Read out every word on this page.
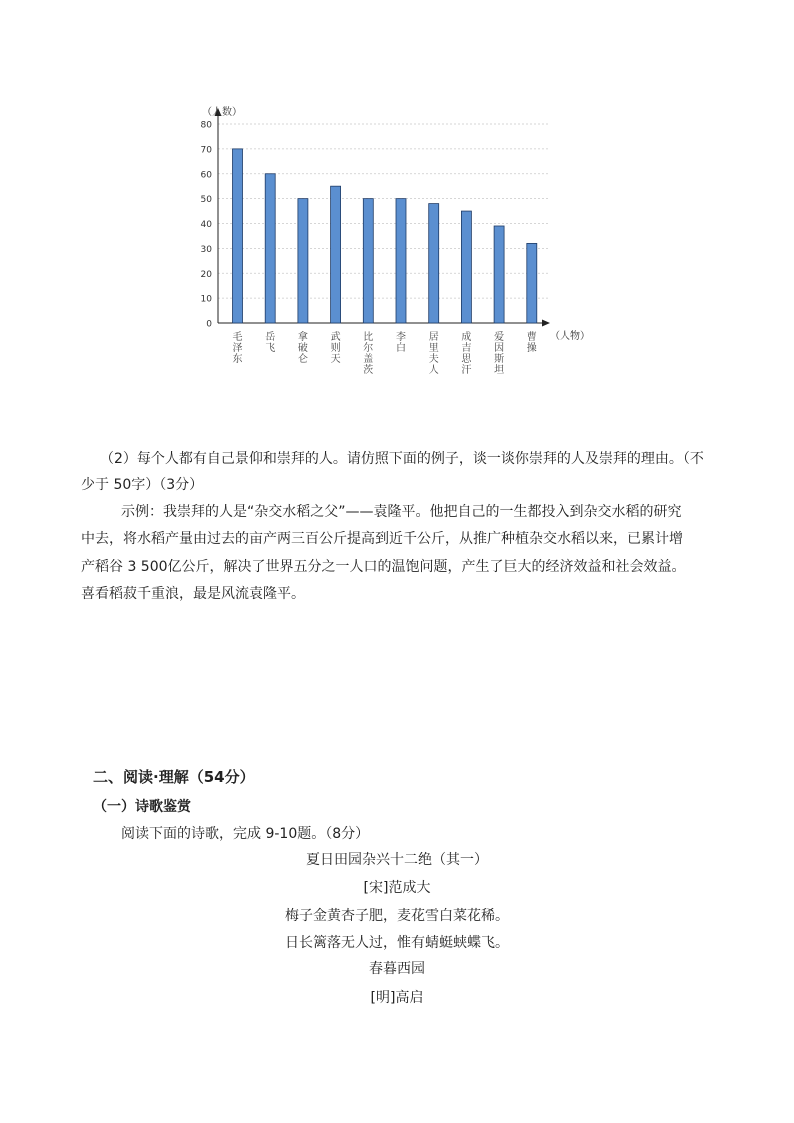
0
10
20
30
40
50
60
70
80
（人数）
（人物）
毛泽东
岳飞
拿破仑
武则天
比尔盖茨
李白
居里夫人
成吉思汗
爱因斯坦
曹操
（2）每个人都有自己景仰和崇拜的人。请仿照下面的例子，谈一谈你崇拜的人及崇拜的理由。（不
少于 50字）（3分）
示例：我崇拜的人是“杂交水稻之父”——袁隆平。他把自己的一生都投入到杂交水稻的研究
中去，将水稻产量由过去的亩产两三百公斤提高到近千公斤，从推广种植杂交水稻以来，已累计增
产稻谷 3 500亿公斤，解决了世界五分之一人口的温饱问题，产生了巨大的经济效益和社会效益。
喜看稻菽千重浪，最是风流袁隆平。
二、阅读·理解（54分）
（一）诗歌鉴赏
阅读下面的诗歌，完成 9-10题。（8分）
夏日田园杂兴十二绝（其一）
[宋]范成大
梅子金黄杏子肥，麦花雪白菜花稀。
日长篱落无人过，惟有蜻蜓蛱蝶飞。
春暮西园
[明]高启
